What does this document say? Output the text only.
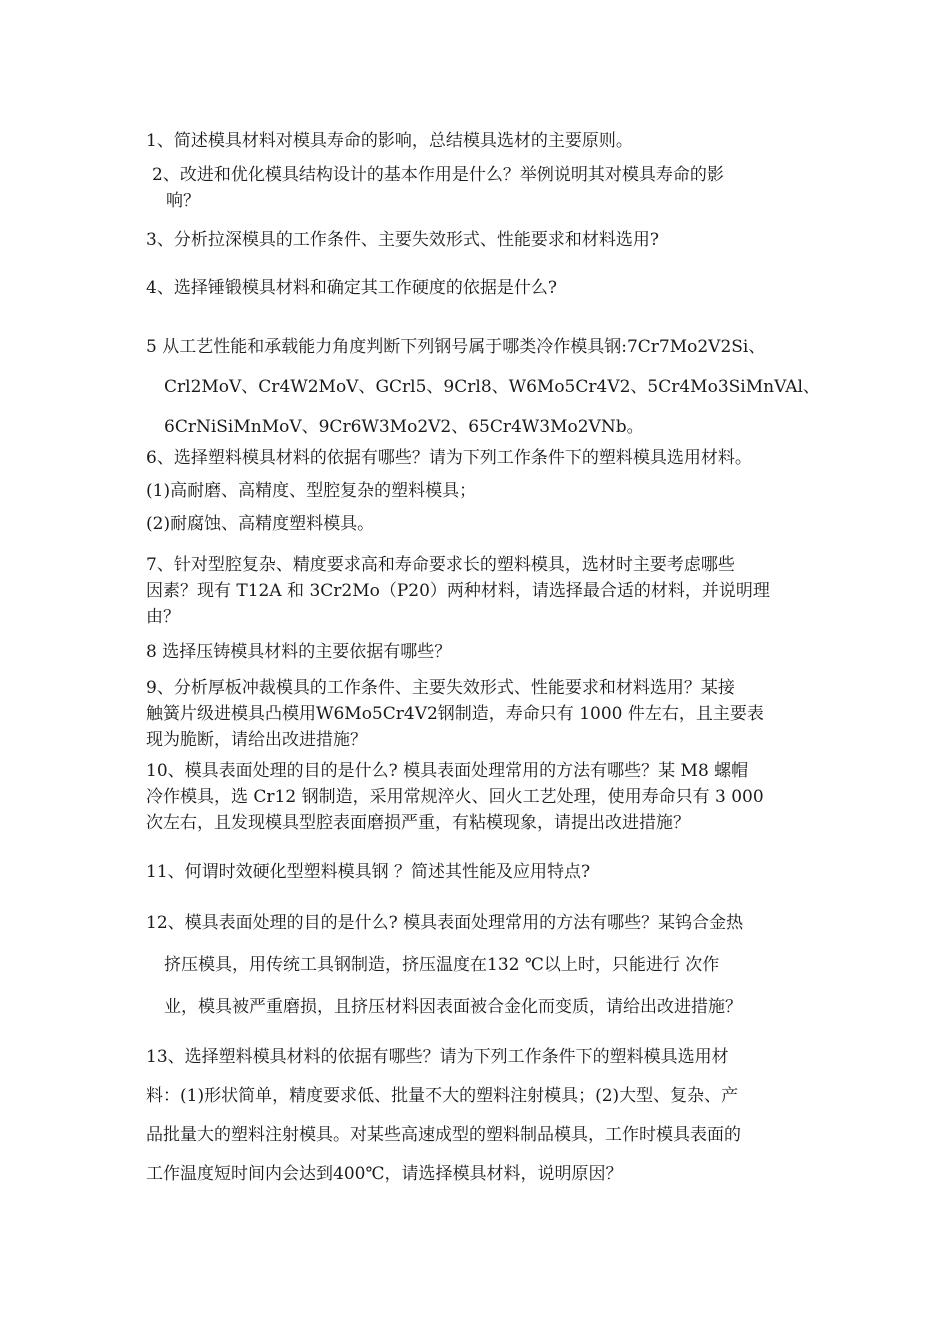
1、简述模具材料对模具寿命的影响，总结模具选材的主要原则。

2、改进和优化模具结构设计的基本作用是什么？举例说明其对模具寿命的影
响？

3、分析拉深模具的工作条件、主要失效形式、性能要求和材料选用?

4、选择锤锻模具材料和确定其工作硬度的依据是什么?

5 从工艺性能和承载能力角度判断下列钢号属于哪类冷作模具钢:7Cr7Mo2V2Si、
Crl2MoV、Cr4W2MoV、GCrl5、9Crl8、W6Mo5Cr4V2、5Cr4Mo3SiMnVAl、
6CrNiSiMnMoV、9Cr6W3Mo2V2、65Cr4W3Mo2VNb。

6、选择塑料模具材料的依据有哪些？请为下列工作条件下的塑料模具选用材料。
(1)高耐磨、高精度、型腔复杂的塑料模具；
(2)耐腐蚀、高精度塑料模具。

7、针对型腔复杂、精度要求高和寿命要求长的塑料模具，选材时主要考虑哪些
因素？现有 T12A 和 3Cr2Mo（P20）两种材料，请选择最合适的材料，并说明理
由？

8 选择压铸模具材料的主要依据有哪些？

9、分析厚板冲裁模具的工作条件、主要失效形式、性能要求和材料选用？某接
触簧片级进模具凸模用W6Mo5Cr4V2钢制造，寿命只有 1000 件左右，且主要表
现为脆断，请给出改进措施？

10、模具表面处理的目的是什么? 模具表面处理常用的方法有哪些？某 M8 螺帽
冷作模具，选 Cr12 钢制造，采用常规淬火、回火工艺处理，使用寿命只有 3 000
次左右，且发现模具型腔表面磨损严重，有粘模现象，请提出改进措施？

11、何谓时效硬化型塑料模具钢 ？简述其性能及应用特点?

12、模具表面处理的目的是什么? 模具表面处理常用的方法有哪些？某钨合金热
挤压模具，用传统工具钢制造，挤压温度在132 ℃以上时，只能进行 次作
业，模具被严重磨损，且挤压材料因表面被合金化而变质，请给出改进措施？

13、选择塑料模具材料的依据有哪些？请为下列工作条件下的塑料模具选用材
料：(1)形状简单，精度要求低、批量不大的塑料注射模具；(2)大型、复杂、产
品批量大的塑料注射模具。对某些高速成型的塑料制品模具，工作时模具表面的
工作温度短时间内会达到400℃，请选择模具材料，说明原因？
